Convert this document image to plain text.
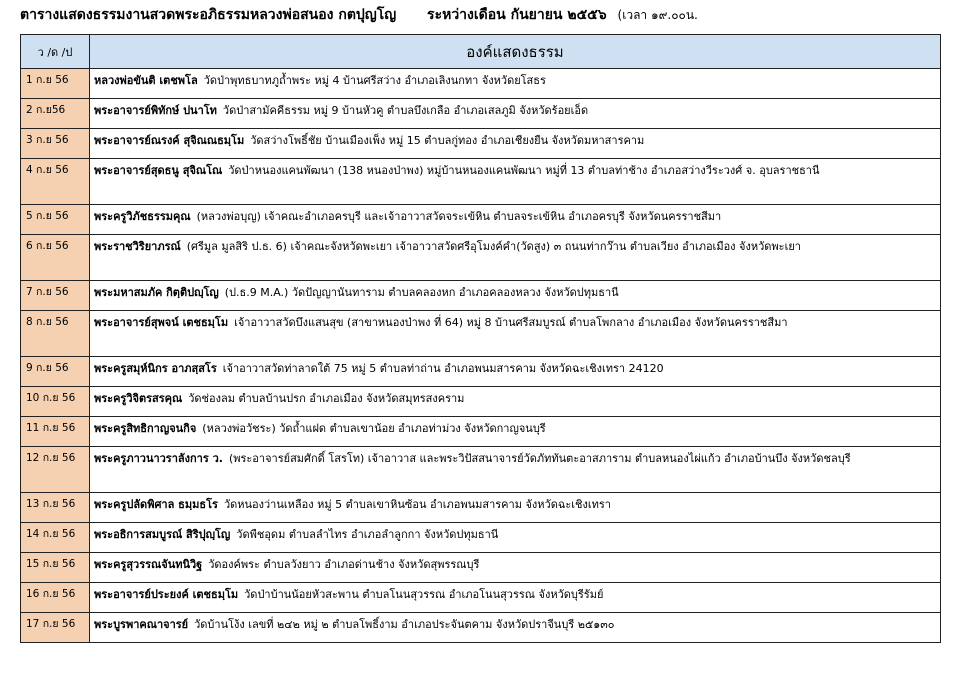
ตารางแสดงธรรมงานสวดพระอภิธรรมหลวงพ่อสนอง กตปุญโญ ระหว่างเดือน กันยายน ๒๕๕๖ (เวลา ๑๙.๐๐น.
ว /ด /ป	องค์แสดงธรรม
1 ก.ย 56	หลวงพ่อขันติ เตชพโล วัดป่าพุทธบาทภูถ้ำพระ หมู่ 4 บ้านศรีสว่าง อำเภอเลิงนกทา จังหวัดยโสธร
2 ก.ย56	พระอาจารย์พิทักษ์ ปนาโท วัดป่าสามัคคีธรรม หมู่ 9 บ้านหัวคู ตำบลบึงเกลือ อำเภอเสลภูมิ จังหวัดร้อยเอ็ด
3 ก.ย 56	พระอาจารย์ณรงค์ สุจิณณธมฺโม วัดสว่างโพธิ์ชัย บ้านเมืองเพ็ง หมู่ 15 ตำบลกู่ทอง อำเภอเชียงยืน จังหวัดมหาสารคาม
4 ก.ย 56	พระอาจารย์สุดธนู สุจิณโณ วัดป่าหนองแคนพัฒนา (138 หนองป่าพง) หมู่บ้านหนองแคนพัฒนา หมู่ที่ 13 ตำบลท่าช้าง อำเภอสว่างวีระวงศ์ จ. อุบลราชธานี
5 ก.ย 56	พระครูวิภัชธรรมคุณ (หลวงพ่อบุญ) เจ้าคณะอำเภอครบุรี และเจ้าอาวาสวัดจระเข้หิน ตำบลจระเข้หิน อำเภอครบุรี จังหวัดนครราชสีมา
6 ก.ย 56	พระราชวิริยาภรณ์ (ศรีมูล มูลสิริ ป.ธ. 6) เจ้าคณะจังหวัดพะเยา เจ้าอาวาสวัดศรีอุโมงค์คำ(วัดสูง) ๓ ถนนท่ากว๊าน ตำบลเวียง อำเภอเมือง จังหวัดพะเยา
7 ก.ย 56	พระมหาสมภัค กิตฺติปญฺโญ (ป.ธ.9 M.A.) วัดปัญญานันทาราม ตำบลคลองหก อำเภอคลองหลวง จังหวัดปทุมธานี
8 ก.ย 56	พระอาจารย์สุพจน์ เตชธมฺโม เจ้าอาวาสวัดบึงแสนสุข (สาขาหนองป่าพง ที่ 64) หมู่ 8 บ้านศรีสมบูรณ์ ตำบลโพกลาง อำเภอเมือง จังหวัดนครราชสีมา
9 ก.ย 56	พระครูสมุห์นิกร อาภสฺสโร เจ้าอาวาสวัดท่าลาดใต้ 75 หมู่ 5 ตำบลท่าถ่าน อำเภอพนมสารคาม จังหวัดฉะเชิงเทรา 24120
10 ก.ย 56	พระครูวิจิตรสรคุณ วัดช่องลม ตำบลบ้านปรก อำเภอเมือง จังหวัดสมุทรสงคราม
11 ก.ย 56	พระครูสิทธิกาญจนกิจ (หลวงพ่อวัชระ) วัดถ้ำแฝด ตำบลเขาน้อย อำเภอท่าม่วง จังหวัดกาญจนบุรี
12 ก.ย 56	พระครูภาวนาวราลังการ ว. (พระอาจารย์สมศักดิ์ โสรโท) เจ้าอาวาส และพระวิปัสสนาจารย์วัดภัททันตะอาสภาราม ตำบลหนองไผ่แก้ว อำเภอบ้านบึง จังหวัดชลบุรี
13 ก.ย 56	พระครูปลัดพิศาล ธมฺมธโร วัดหนองว่านเหลือง หมู่ 5 ตำบลเขาหินซ้อน อำเภอพนมสารคาม จังหวัดฉะเชิงเทรา
14 ก.ย 56	พระอธิการสมบูรณ์ สิริปุญฺโญ วัดพืชอุดม ตำบลลำไทร อำเภอลำลูกกา จังหวัดปทุมธานี
15 ก.ย 56	พระครูสุวรรณจันทนิวิฐ วัดองค์พระ ตำบลวังยาว อำเภอด่านช้าง จังหวัดสุพรรณบุรี
16 ก.ย 56	พระอาจารย์ประยงค์ เตชธมฺโม วัดป่าบ้านน้อยหัวสะพาน ตำบลโนนสุวรรณ อำเภอโนนสุวรรณ จังหวัดบุรีรัมย์
17 ก.ย 56	พระบูรพาคณาจารย์ วัดบ้านโง้ง เลขที่ ๒๔๒ หมู่ ๒ ตำบลโพธิ์งาม อำเภอประจันตคาม จังหวัดปราจีนบุรี ๒๕๑๓๐
